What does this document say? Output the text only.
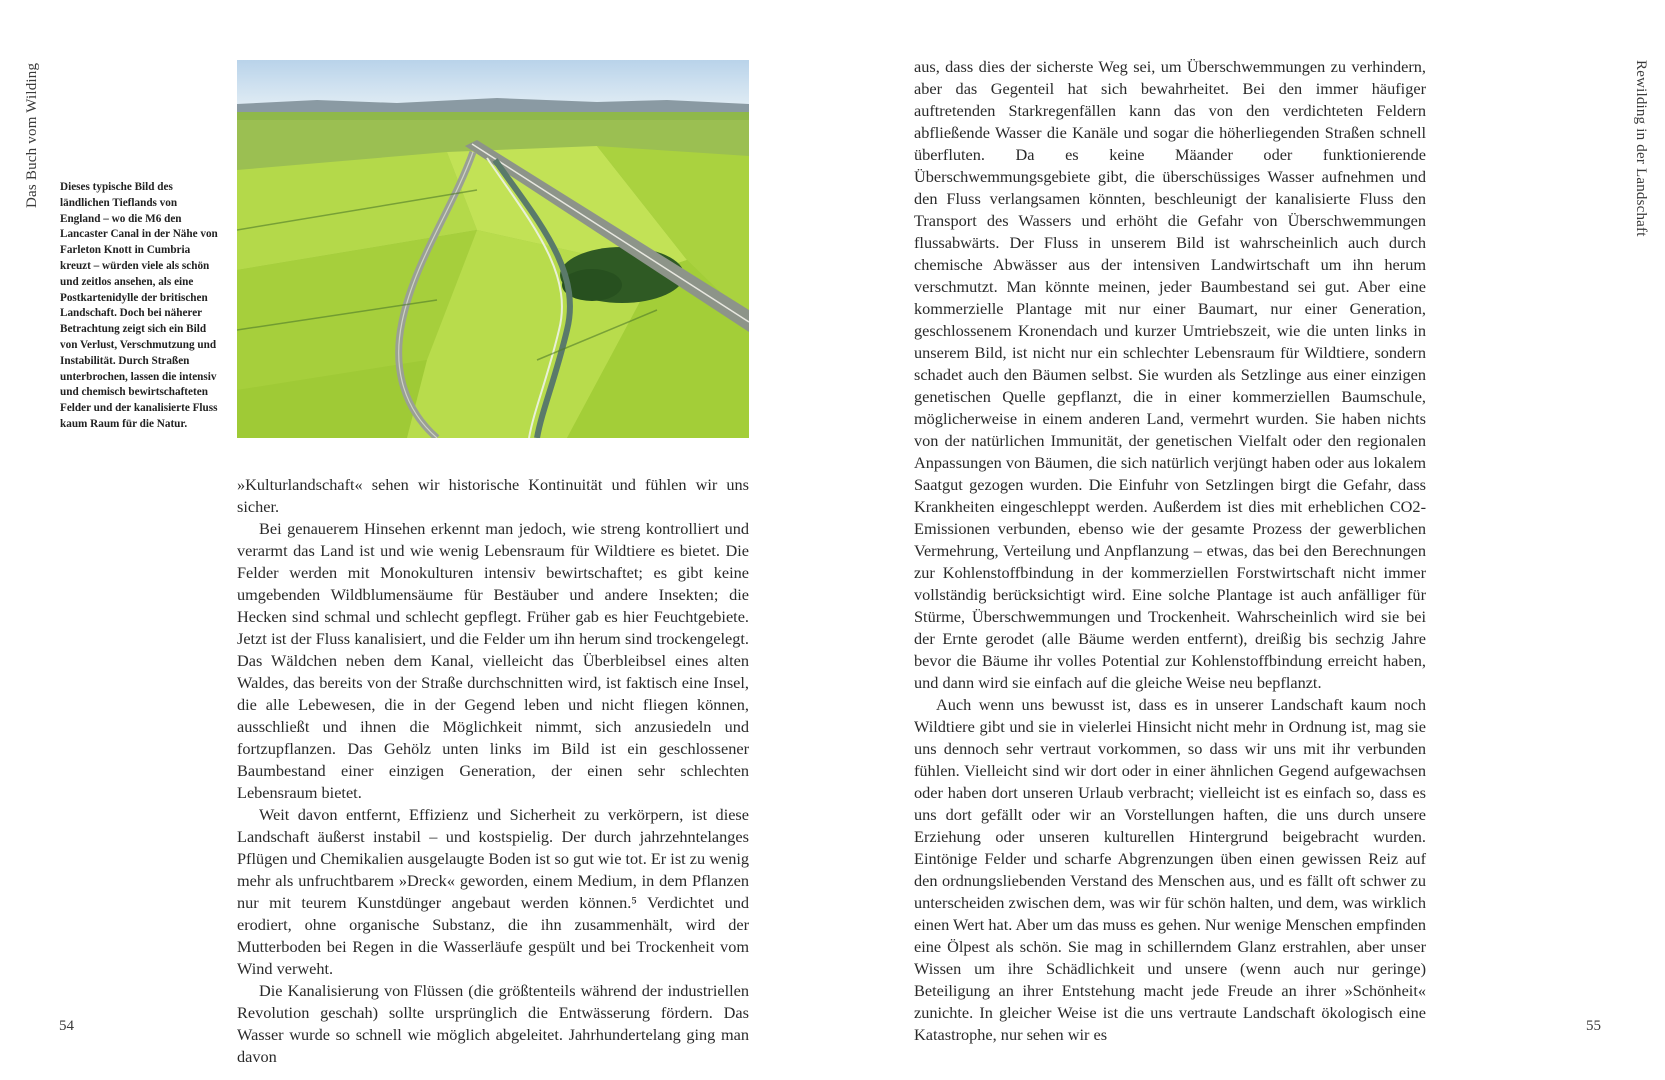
Das Buch vom Wilding Dieses typische Bild des ländlichen Tieflands von England – wo die M6 den Lancaster Canal in der Nähe von Farleton Knott in Cumbria kreuzt – würden viele als schön und zeitlos ansehen, als eine Postkartenidylle der britischen Landschaft. Doch bei näherer Betrachtung zeigt sich ein Bild von Verlust, Verschmutzung und Instabilität. Durch Straßen unterbrochen, lassen die intensiv und chemisch bewirtschafteten Felder und der kanalisierte Fluss kaum Raum für die Natur.

»Kulturlandschaft« sehen wir historische Kontinuität und fühlen wir uns sicher.

Bei genauerem Hinsehen erkennt man jedoch, wie streng kontrolliert und verarmt das Land ist und wie wenig Lebensraum für Wildtiere es bietet. Die Felder werden mit Monokulturen intensiv bewirtschaftet; es gibt keine umgebenden Wildblumensäume für Bestäuber und andere Insekten; die Hecken sind schmal und schlecht gepflegt. Früher gab es hier Feuchtgebiete. Jetzt ist der Fluss kanalisiert, und die Felder um ihn herum sind trockengelegt. Das Wäldchen neben dem Kanal, vielleicht das Überbleibsel eines alten Waldes, das bereits von der Straße durchschnitten wird, ist faktisch eine Insel, die alle Lebewesen, die in der Gegend leben und nicht fliegen können, ausschließt und ihnen die Möglichkeit nimmt, sich anzusiedeln und fortzupflanzen. Das Gehölz unten links im Bild ist ein geschlossener Baumbestand einer einzigen Generation, der einen sehr schlechten Lebensraum bietet.

Weit davon entfernt, Effizienz und Sicherheit zu verkörpern, ist diese Landschaft äußerst instabil – und kostspielig. Der durch jahrzehntelanges Pflügen und Chemikalien ausgelaugte Boden ist so gut wie tot. Er ist zu wenig mehr als unfruchtbarem »Dreck« geworden, einem Medium, in dem Pflanzen nur mit teurem Kunstdünger angebaut werden können.⁵ Verdichtet und erodiert, ohne organische Substanz, die ihn zusammenhält, wird der Mutterboden bei Regen in die Wasserläufe gespült und bei Trockenheit vom Wind verweht.

Die Kanalisierung von Flüssen (die größtenteils während der industriellen Revolution geschah) sollte ursprünglich die Entwässerung fördern. Das Wasser wurde so schnell wie möglich abgeleitet. Jahrhundertelang ging man davon

54

aus, dass dies der sicherste Weg sei, um Überschwemmungen zu verhindern, aber das Gegenteil hat sich bewahrheitet. Bei den immer häufiger auftretenden Starkregenfällen kann das von den verdichteten Feldern abfließende Wasser die Kanäle und sogar die höherliegenden Straßen schnell überfluten. Da es keine Mäander oder funktionierende Überschwemmungsgebiete gibt, die überschüssiges Wasser aufnehmen und den Fluss verlangsamen könnten, beschleunigt der kanalisierte Fluss den Transport des Wassers und erhöht die Gefahr von Überschwemmungen flussabwärts. Der Fluss in unserem Bild ist wahrscheinlich auch durch chemische Abwässer aus der intensiven Landwirtschaft um ihn herum verschmutzt. Man könnte meinen, jeder Baumbestand sei gut. Aber eine kommerzielle Plantage mit nur einer Baumart, nur einer Generation, geschlossenem Kronendach und kurzer Umtriebszeit, wie die unten links in unserem Bild, ist nicht nur ein schlechter Lebensraum für Wildtiere, sondern schadet auch den Bäumen selbst. Sie wurden als Setzlinge aus einer einzigen genetischen Quelle gepflanzt, die in einer kommerziellen Baumschule, möglicherweise in einem anderen Land, vermehrt wurden. Sie haben nichts von der natürlichen Immunität, der genetischen Vielfalt oder den regionalen Anpassungen von Bäumen, die sich natürlich verjüngt haben oder aus lokalem Saatgut gezogen wurden. Die Einfuhr von Setzlingen birgt die Gefahr, dass Krankheiten eingeschleppt werden. Außerdem ist dies mit erheblichen CO2-Emissionen verbunden, ebenso wie der gesamte Prozess der gewerblichen Vermehrung, Verteilung und Anpflanzung – etwas, das bei den Berechnungen zur Kohlenstoffbindung in der kommerziellen Forstwirtschaft nicht immer vollständig berücksichtigt wird. Eine solche Plantage ist auch anfälliger für Stürme, Überschwemmungen und Trockenheit. Wahrscheinlich wird sie bei der Ernte gerodet (alle Bäume werden entfernt), dreißig bis sechzig Jahre bevor die Bäume ihr volles Potential zur Kohlenstoffbindung erreicht haben, und dann wird sie einfach auf die gleiche Weise neu bepflanzt.

Auch wenn uns bewusst ist, dass es in unserer Landschaft kaum noch Wildtiere gibt und sie in vielerlei Hinsicht nicht mehr in Ordnung ist, mag sie uns dennoch sehr vertraut vorkommen, so dass wir uns mit ihr verbunden fühlen. Vielleicht sind wir dort oder in einer ähnlichen Gegend aufgewachsen oder haben dort unseren Urlaub verbracht; vielleicht ist es einfach so, dass es uns dort gefällt oder wir an Vorstellungen haften, die uns durch unsere Erziehung oder unseren kulturellen Hintergrund beigebracht wurden. Eintönige Felder und scharfe Abgrenzungen üben einen gewissen Reiz auf den ordnungsliebenden Verstand des Menschen aus, und es fällt oft schwer zu unterscheiden zwischen dem, was wir für schön halten, und dem, was wirklich einen Wert hat. Aber um das muss es gehen. Nur wenige Menschen empfinden eine Ölpest als schön. Sie mag in schillerndem Glanz erstrahlen, aber unser Wissen um ihre Schädlichkeit und unsere (wenn auch nur geringe) Beteiligung an ihrer Entstehung macht jede Freude an ihrer »Schönheit« zunichte. In gleicher Weise ist die uns vertraute Landschaft ökologisch eine Katastrophe, nur sehen wir es

Rewilding in der Landschaft
55
